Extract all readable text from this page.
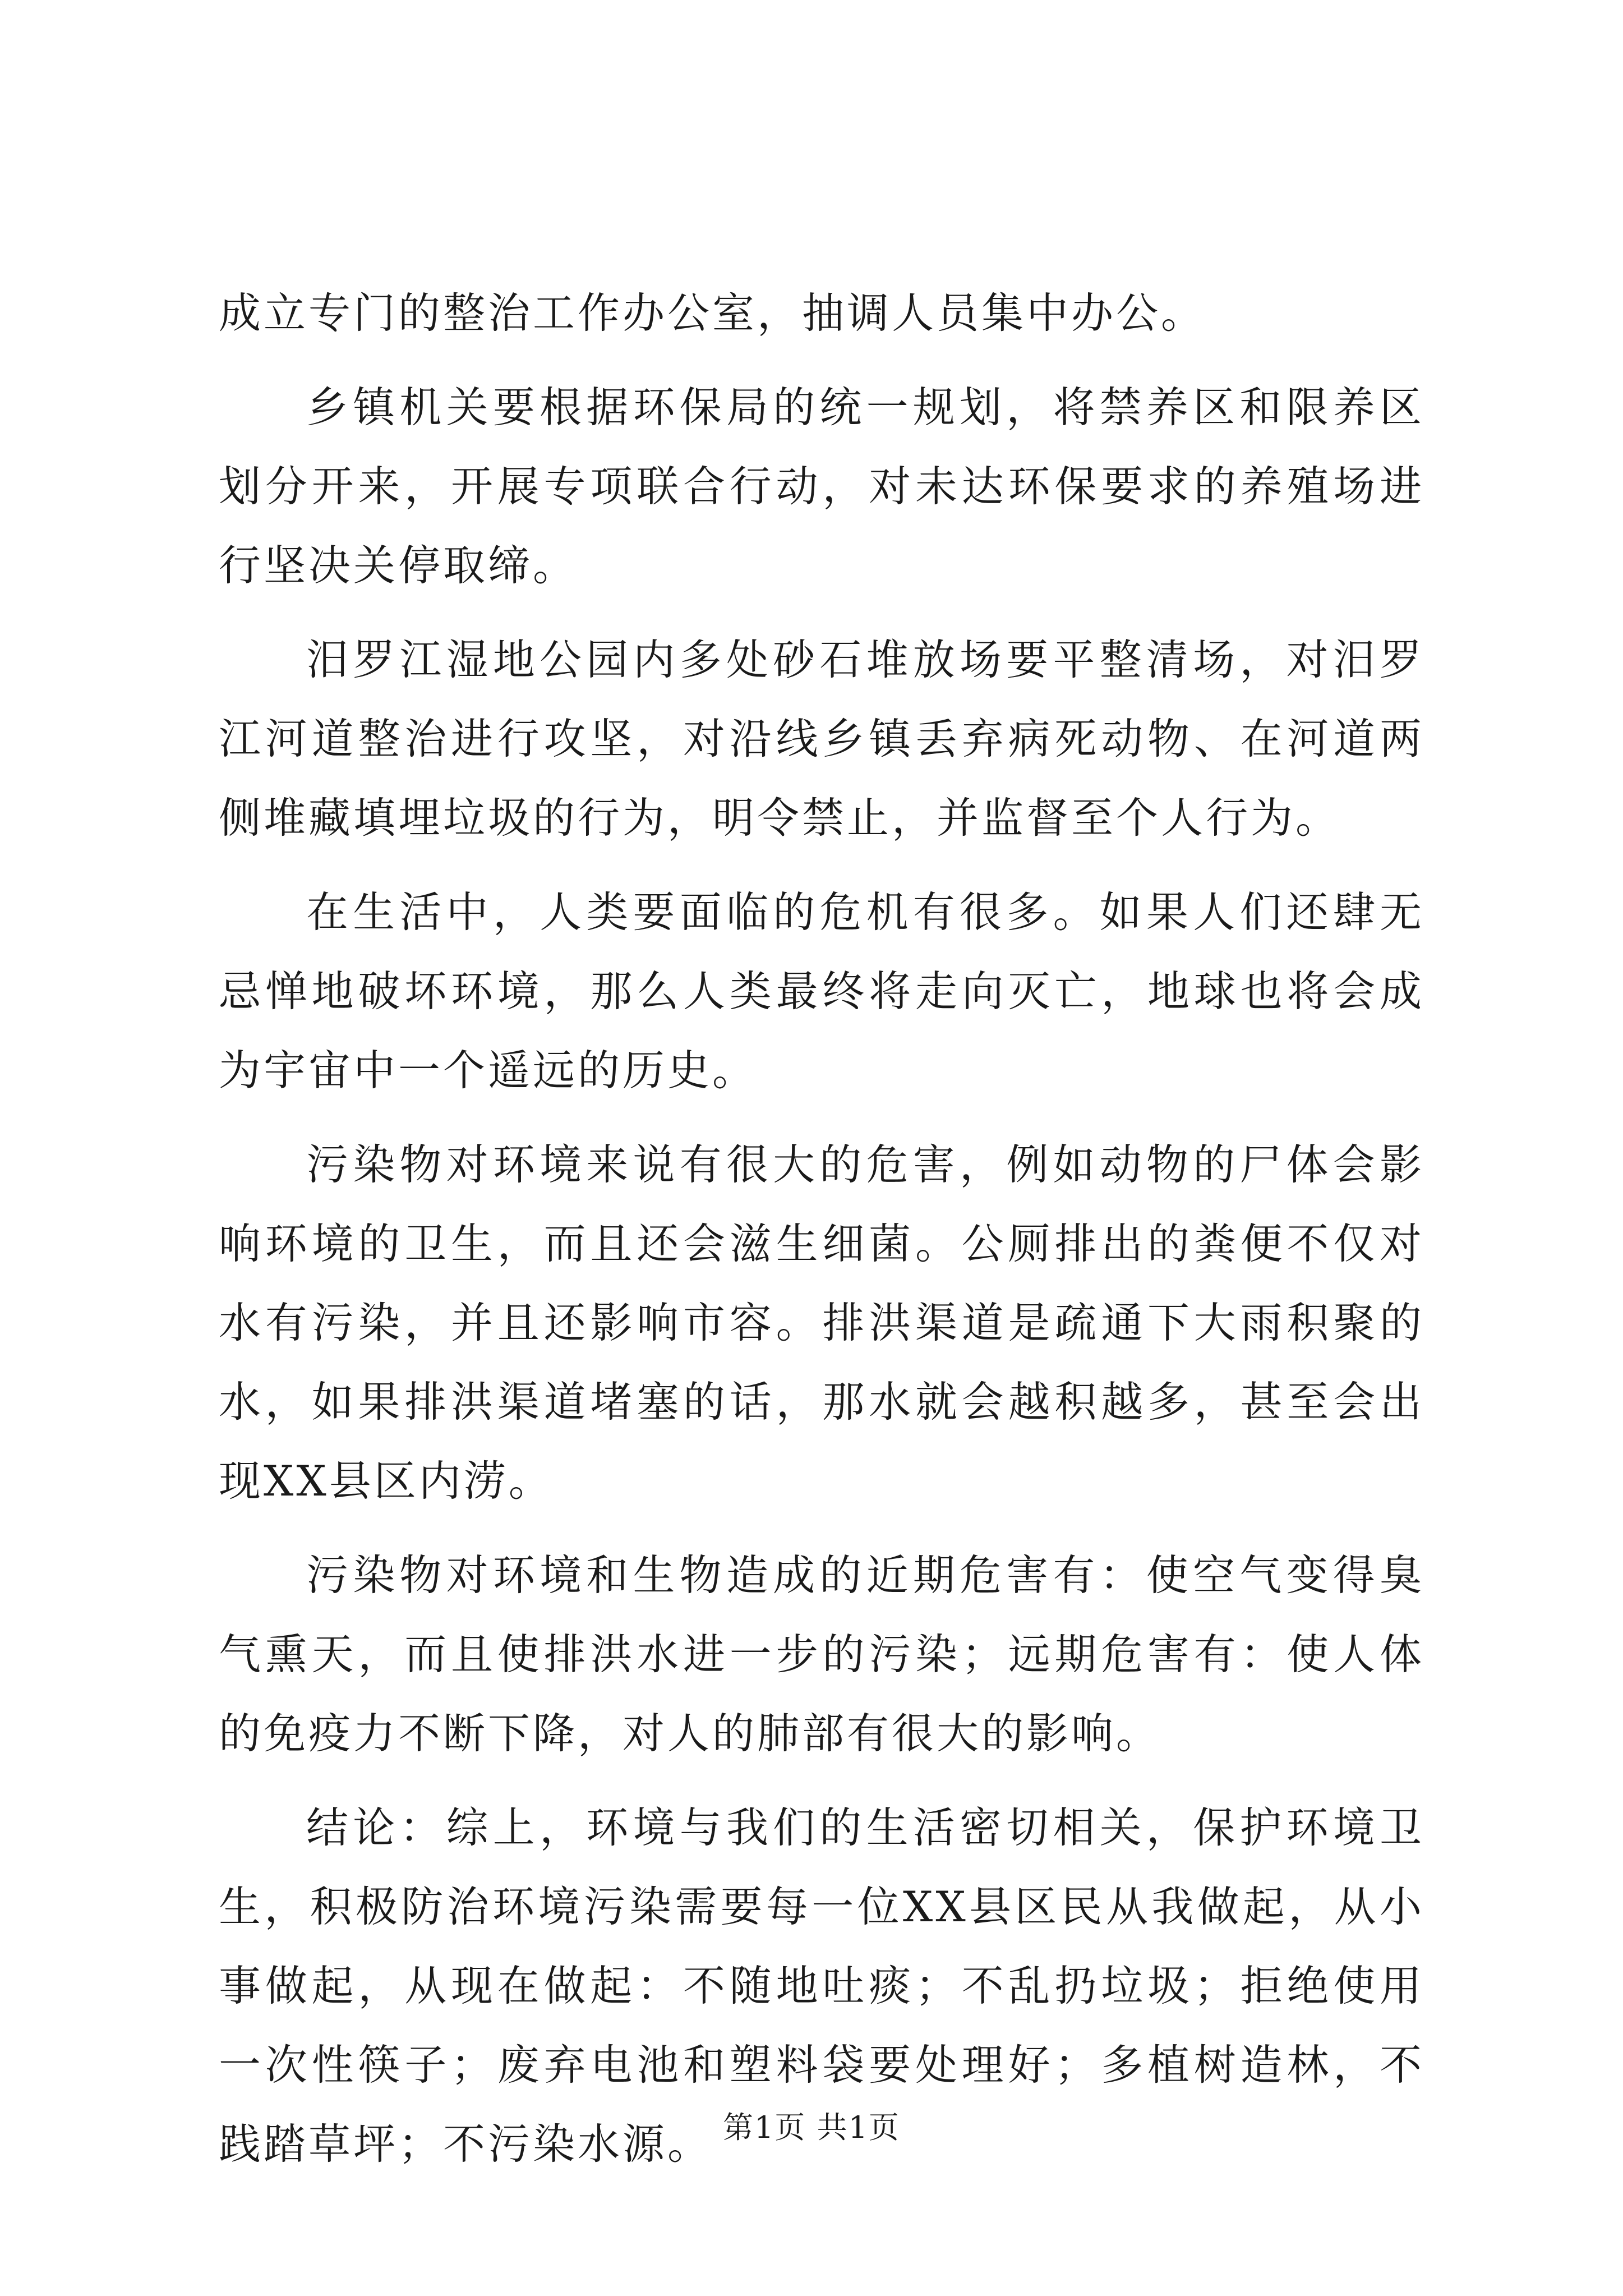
成立专门的整治工作办公室，抽调人员集中办公。

乡镇机关要根据环保局的统一规划，将禁养区和限养区划分开来，开展专项联合行动，对未达环保要求的养殖场进行坚决关停取缔。

汨罗江湿地公园内多处砂石堆放场要平整清场，对汨罗江河道整治进行攻坚，对沿线乡镇丢弃病死动物、在河道两侧堆藏填埋垃圾的行为，明令禁止，并监督至个人行为。

在生活中，人类要面临的危机有很多。如果人们还肆无忌惮地破坏环境，那么人类最终将走向灭亡，地球也将会成为宇宙中一个遥远的历史。

污染物对环境来说有很大的危害，例如动物的尸体会影响环境的卫生，而且还会滋生细菌。公厕排出的粪便不仅对水有污染，并且还影响市容。排洪渠道是疏通下大雨积聚的水，如果排洪渠道堵塞的话，那水就会越积越多，甚至会出现XX县区内涝。

污染物对环境和生物造成的近期危害有：使空气变得臭气熏天，而且使排洪水进一步的污染；远期危害有：使人体的免疫力不断下降，对人的肺部有很大的影响。

结论：综上，环境与我们的生活密切相关，保护环境卫生，积极防治环境污染需要每一位XX县区民从我做起，从小事做起，从现在做起：不随地吐痰；不乱扔垃圾；拒绝使用一次性筷子；废弃电池和塑料袋要处理好；多植树造林，不践踏草坪；不污染水源。 第1页 共1页
